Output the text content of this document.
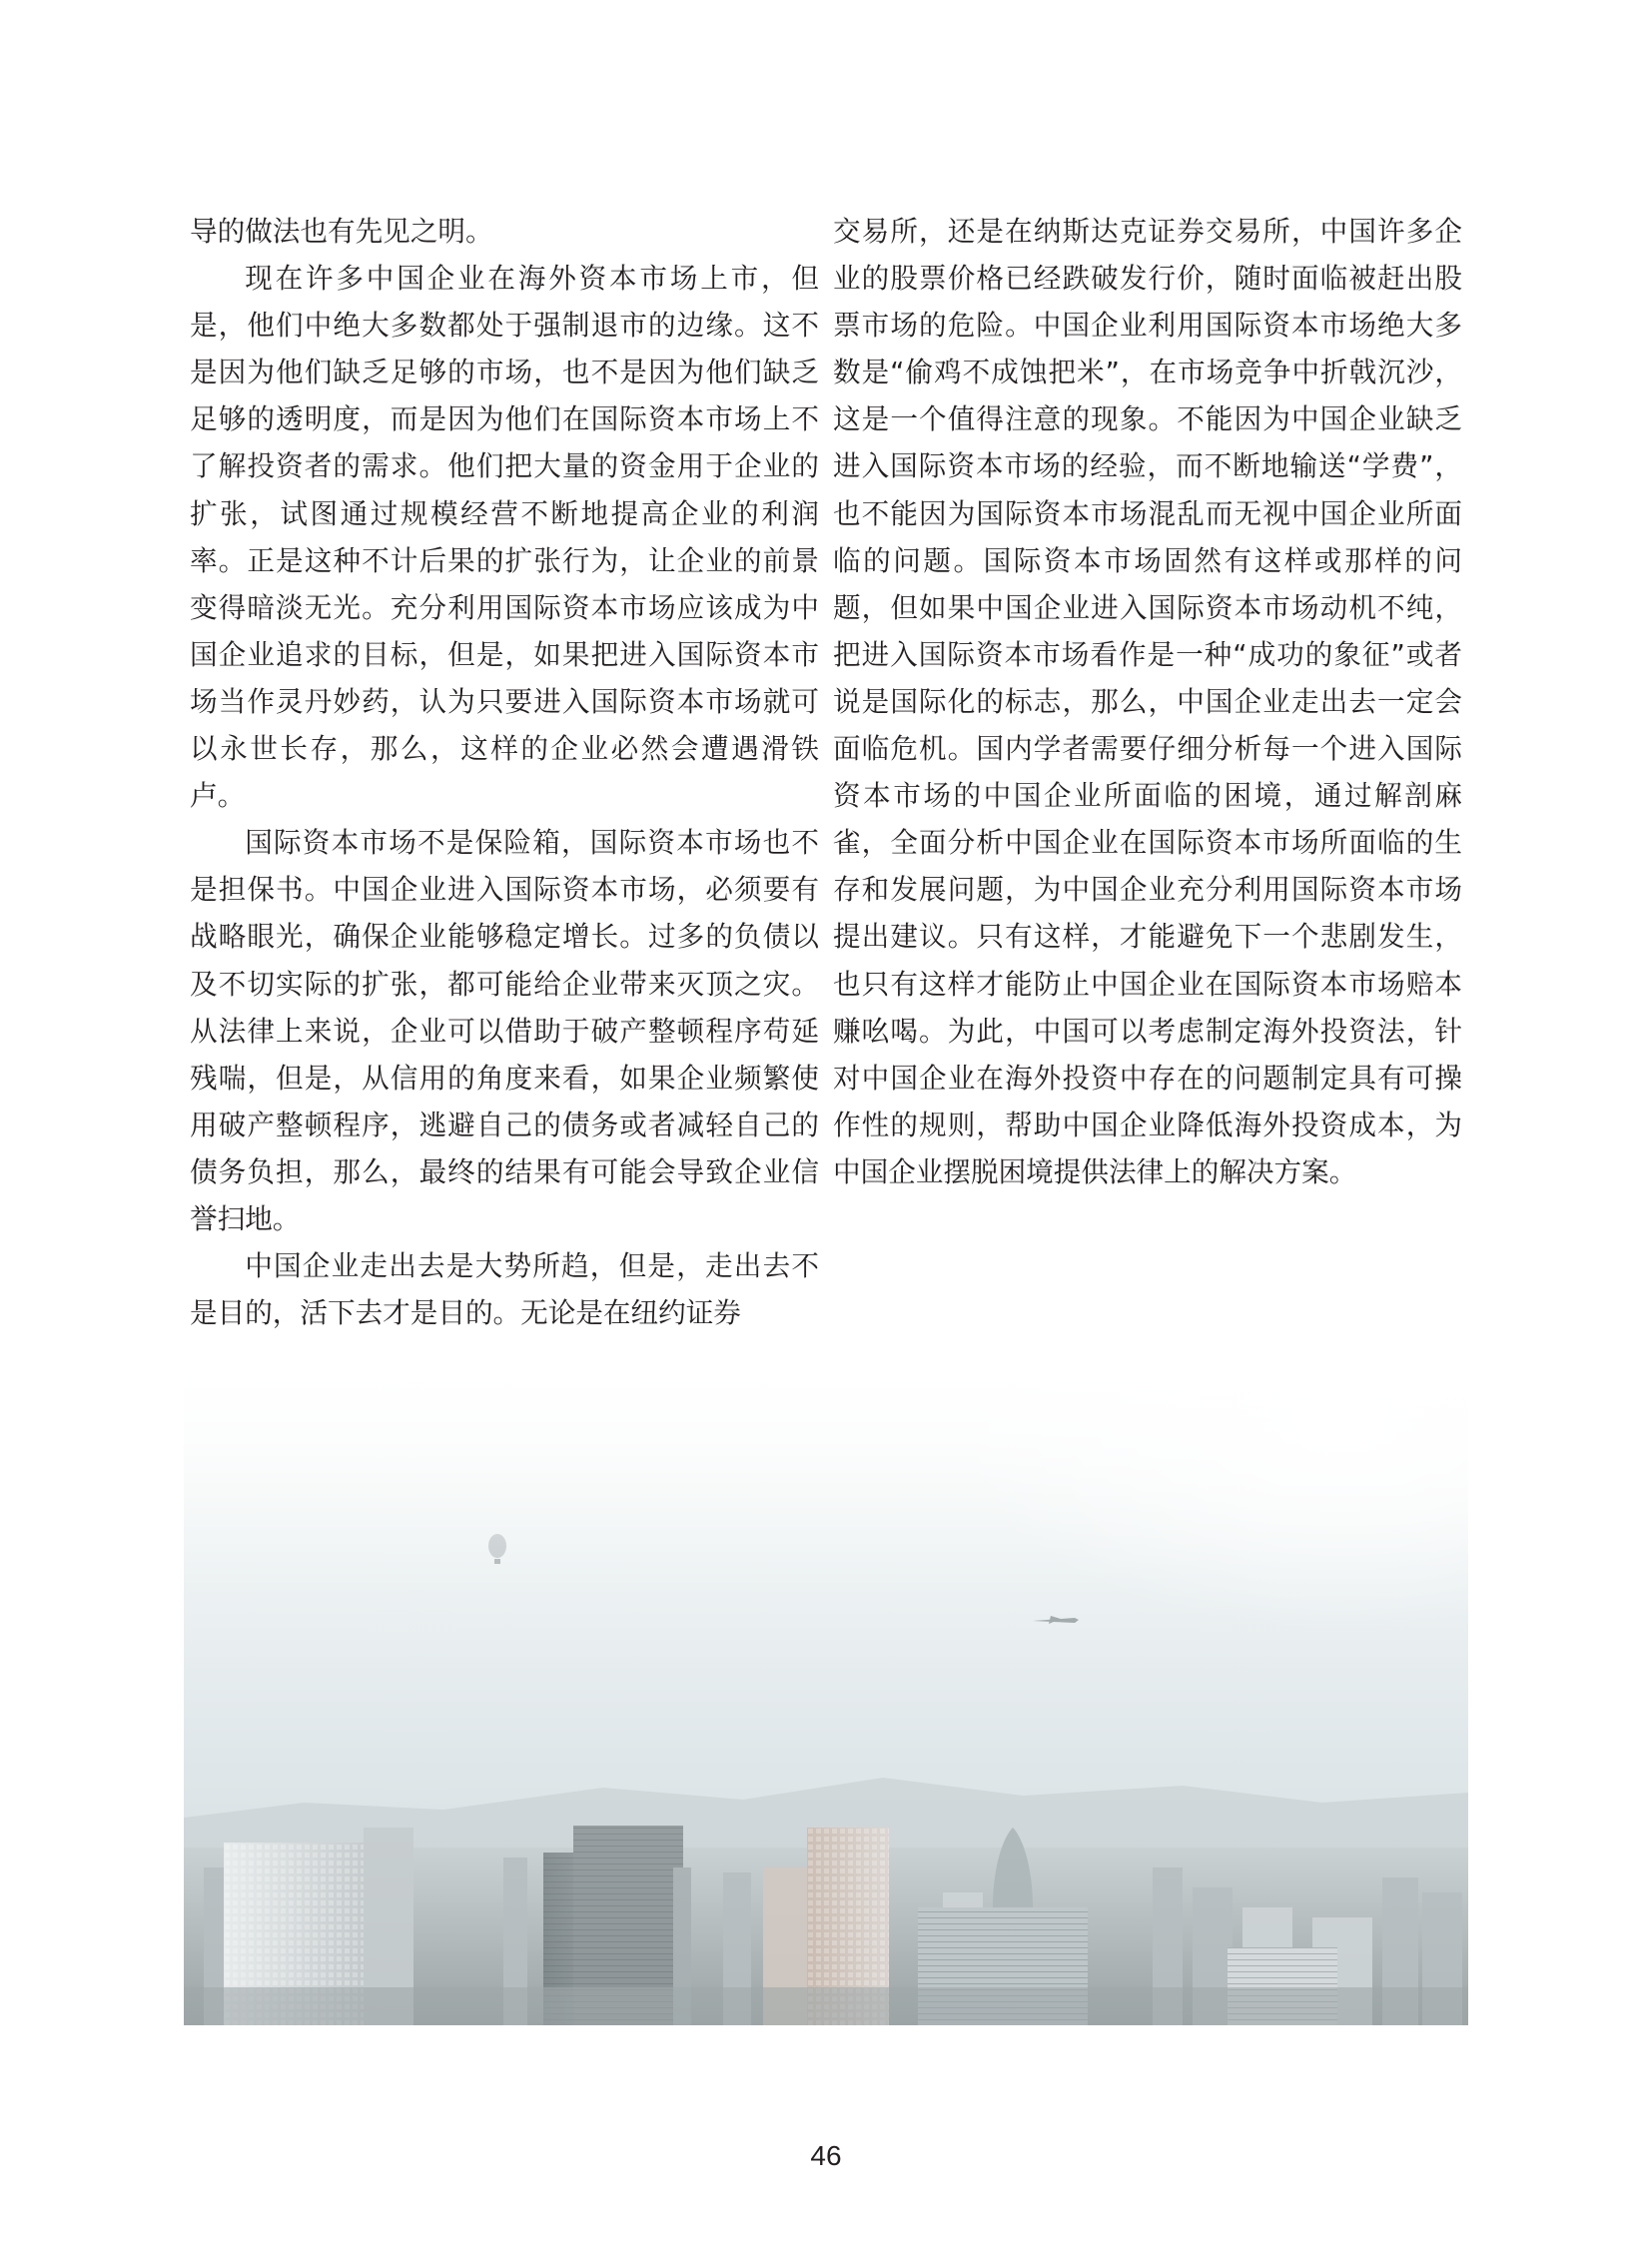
导的做法也有先见之明。

现在许多中国企业在海外资本市场上市，但是，他们中绝大多数都处于强制退市的边缘。这不是因为他们缺乏足够的市场，也不是因为他们缺乏足够的透明度，而是因为他们在国际资本市场上不了解投资者的需求。他们把大量的资金用于企业的扩张，试图通过规模经营不断地提高企业的利润率。正是这种不计后果的扩张行为，让企业的前景变得暗淡无光。充分利用国际资本市场应该成为中国企业追求的目标，但是，如果把进入国际资本市场当作灵丹妙药，认为只要进入国际资本市场就可以永世长存，那么，这样的企业必然会遭遇滑铁卢。

国际资本市场不是保险箱，国际资本市场也不是担保书。中国企业进入国际资本市场，必须要有战略眼光，确保企业能够稳定增长。过多的负债以及不切实际的扩张，都可能给企业带来灭顶之灾。从法律上来说，企业可以借助于破产整顿程序苟延残喘，但是，从信用的角度来看，如果企业频繁使用破产整顿程序，逃避自己的债务或者减轻自己的债务负担，那么，最终的结果有可能会导致企业信誉扫地。

中国企业走出去是大势所趋，但是，走出去不是目的，活下去才是目的。无论是在纽约证券

交易所，还是在纳斯达克证券交易所，中国许多企业的股票价格已经跌破发行价，随时面临被赶出股票市场的危险。中国企业利用国际资本市场绝大多数是“偷鸡不成蚀把米”，在市场竞争中折戟沉沙，这是一个值得注意的现象。不能因为中国企业缺乏进入国际资本市场的经验，而不断地输送“学费”，也不能因为国际资本市场混乱而无视中国企业所面临的问题。国际资本市场固然有这样或那样的问题，但如果中国企业进入国际资本市场动机不纯，把进入国际资本市场看作是一种“成功的象征”或者说是国际化的标志，那么，中国企业走出去一定会面临危机。国内学者需要仔细分析每一个进入国际资本市场的中国企业所面临的困境，通过解剖麻雀，全面分析中国企业在国际资本市场所面临的生存和发展问题，为中国企业充分利用国际资本市场提出建议。只有这样，才能避免下一个悲剧发生，也只有这样才能防止中国企业在国际资本市场赔本赚吆喝。为此，中国可以考虑制定海外投资法，针对中国企业在海外投资中存在的问题制定具有可操作性的规则，帮助中国企业降低海外投资成本，为中国企业摆脱困境提供法律上的解决方案。

46
